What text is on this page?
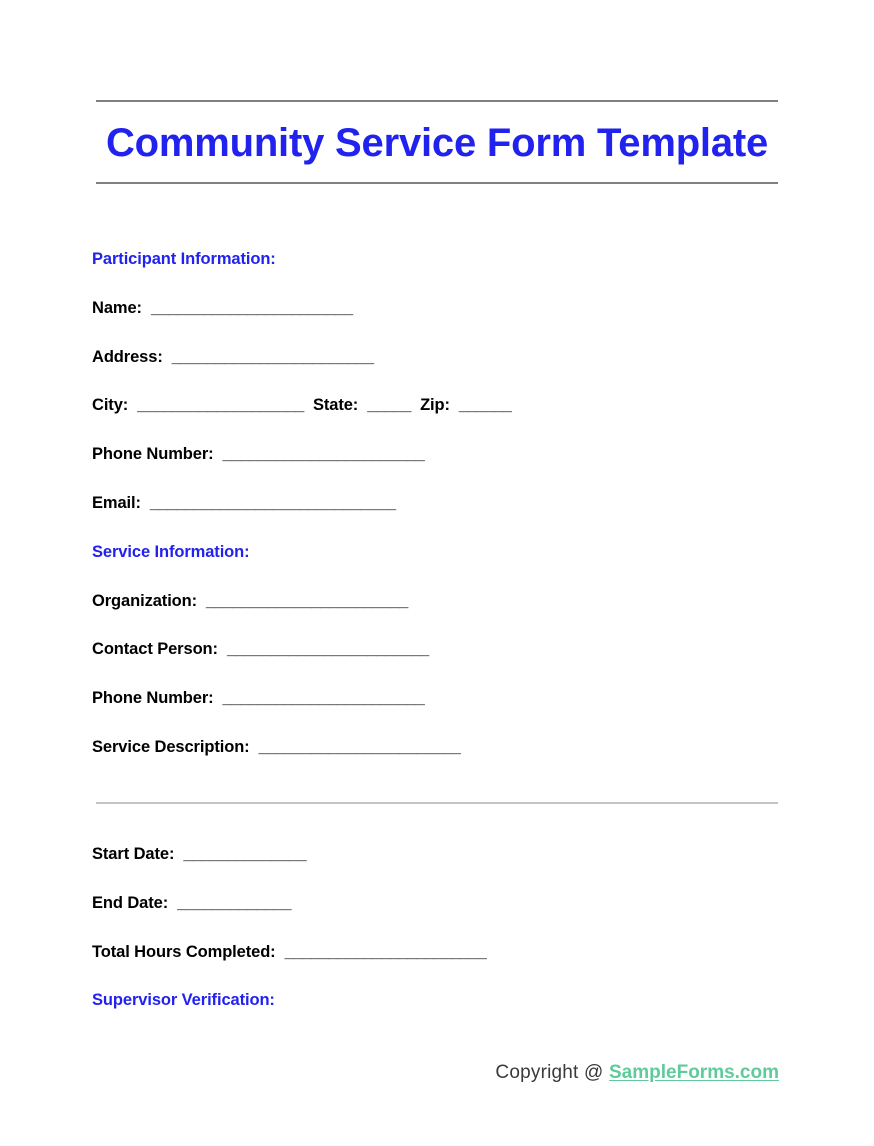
Community Service Form Template
Participant Information:
Name: _______________________
Address: _______________________
City: ___________________ State: _____ Zip: ______
Phone Number: _______________________
Email: ____________________________
Service Information:
Organization: _______________________
Contact Person: _______________________
Phone Number: _______________________
Service Description: _______________________
Start Date: ______________
End Date: _____________
Total Hours Completed: _______________________
Supervisor Verification:
Copyright @ SampleForms.com
